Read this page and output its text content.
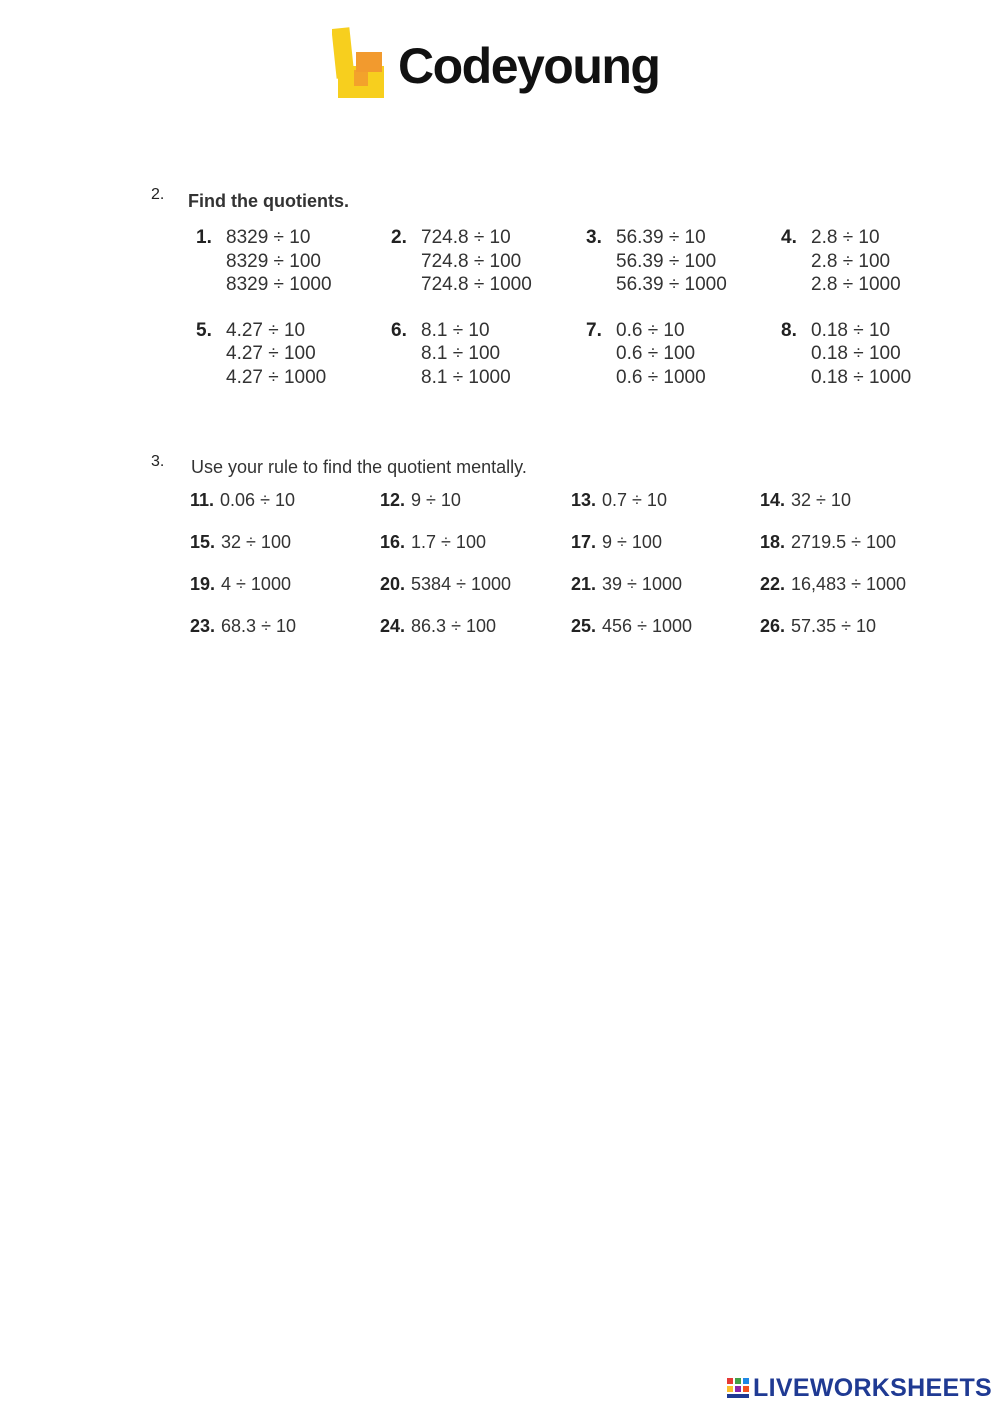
Codeyoung
2. Find the quotients.
1. 8329 ÷ 10
8329 ÷ 100
8329 ÷ 1000
2. 724.8 ÷ 10
724.8 ÷ 100
724.8 ÷ 1000
3. 56.39 ÷ 10
56.39 ÷ 100
56.39 ÷ 1000
4. 2.8 ÷ 10
2.8 ÷ 100
2.8 ÷ 1000
5. 4.27 ÷ 10
4.27 ÷ 100
4.27 ÷ 1000
6. 8.1 ÷ 10
8.1 ÷ 100
8.1 ÷ 1000
7. 0.6 ÷ 10
0.6 ÷ 100
0.6 ÷ 1000
8. 0.18 ÷ 10
0.18 ÷ 100
0.18 ÷ 1000
3. Use your rule to find the quotient mentally.
11. 0.06 ÷ 10	12. 9 ÷ 10	13. 0.7 ÷ 10	14. 32 ÷ 10
15. 32 ÷ 100	16. 1.7 ÷ 100	17. 9 ÷ 100	18. 2719.5 ÷ 100
19. 4 ÷ 1000	20. 5384 ÷ 1000	21. 39 ÷ 1000	22. 16,483 ÷ 1000
23. 68.3 ÷ 10	24. 86.3 ÷ 100	25. 456 ÷ 1000	26. 57.35 ÷ 10
LIVEWORKSHEETS
